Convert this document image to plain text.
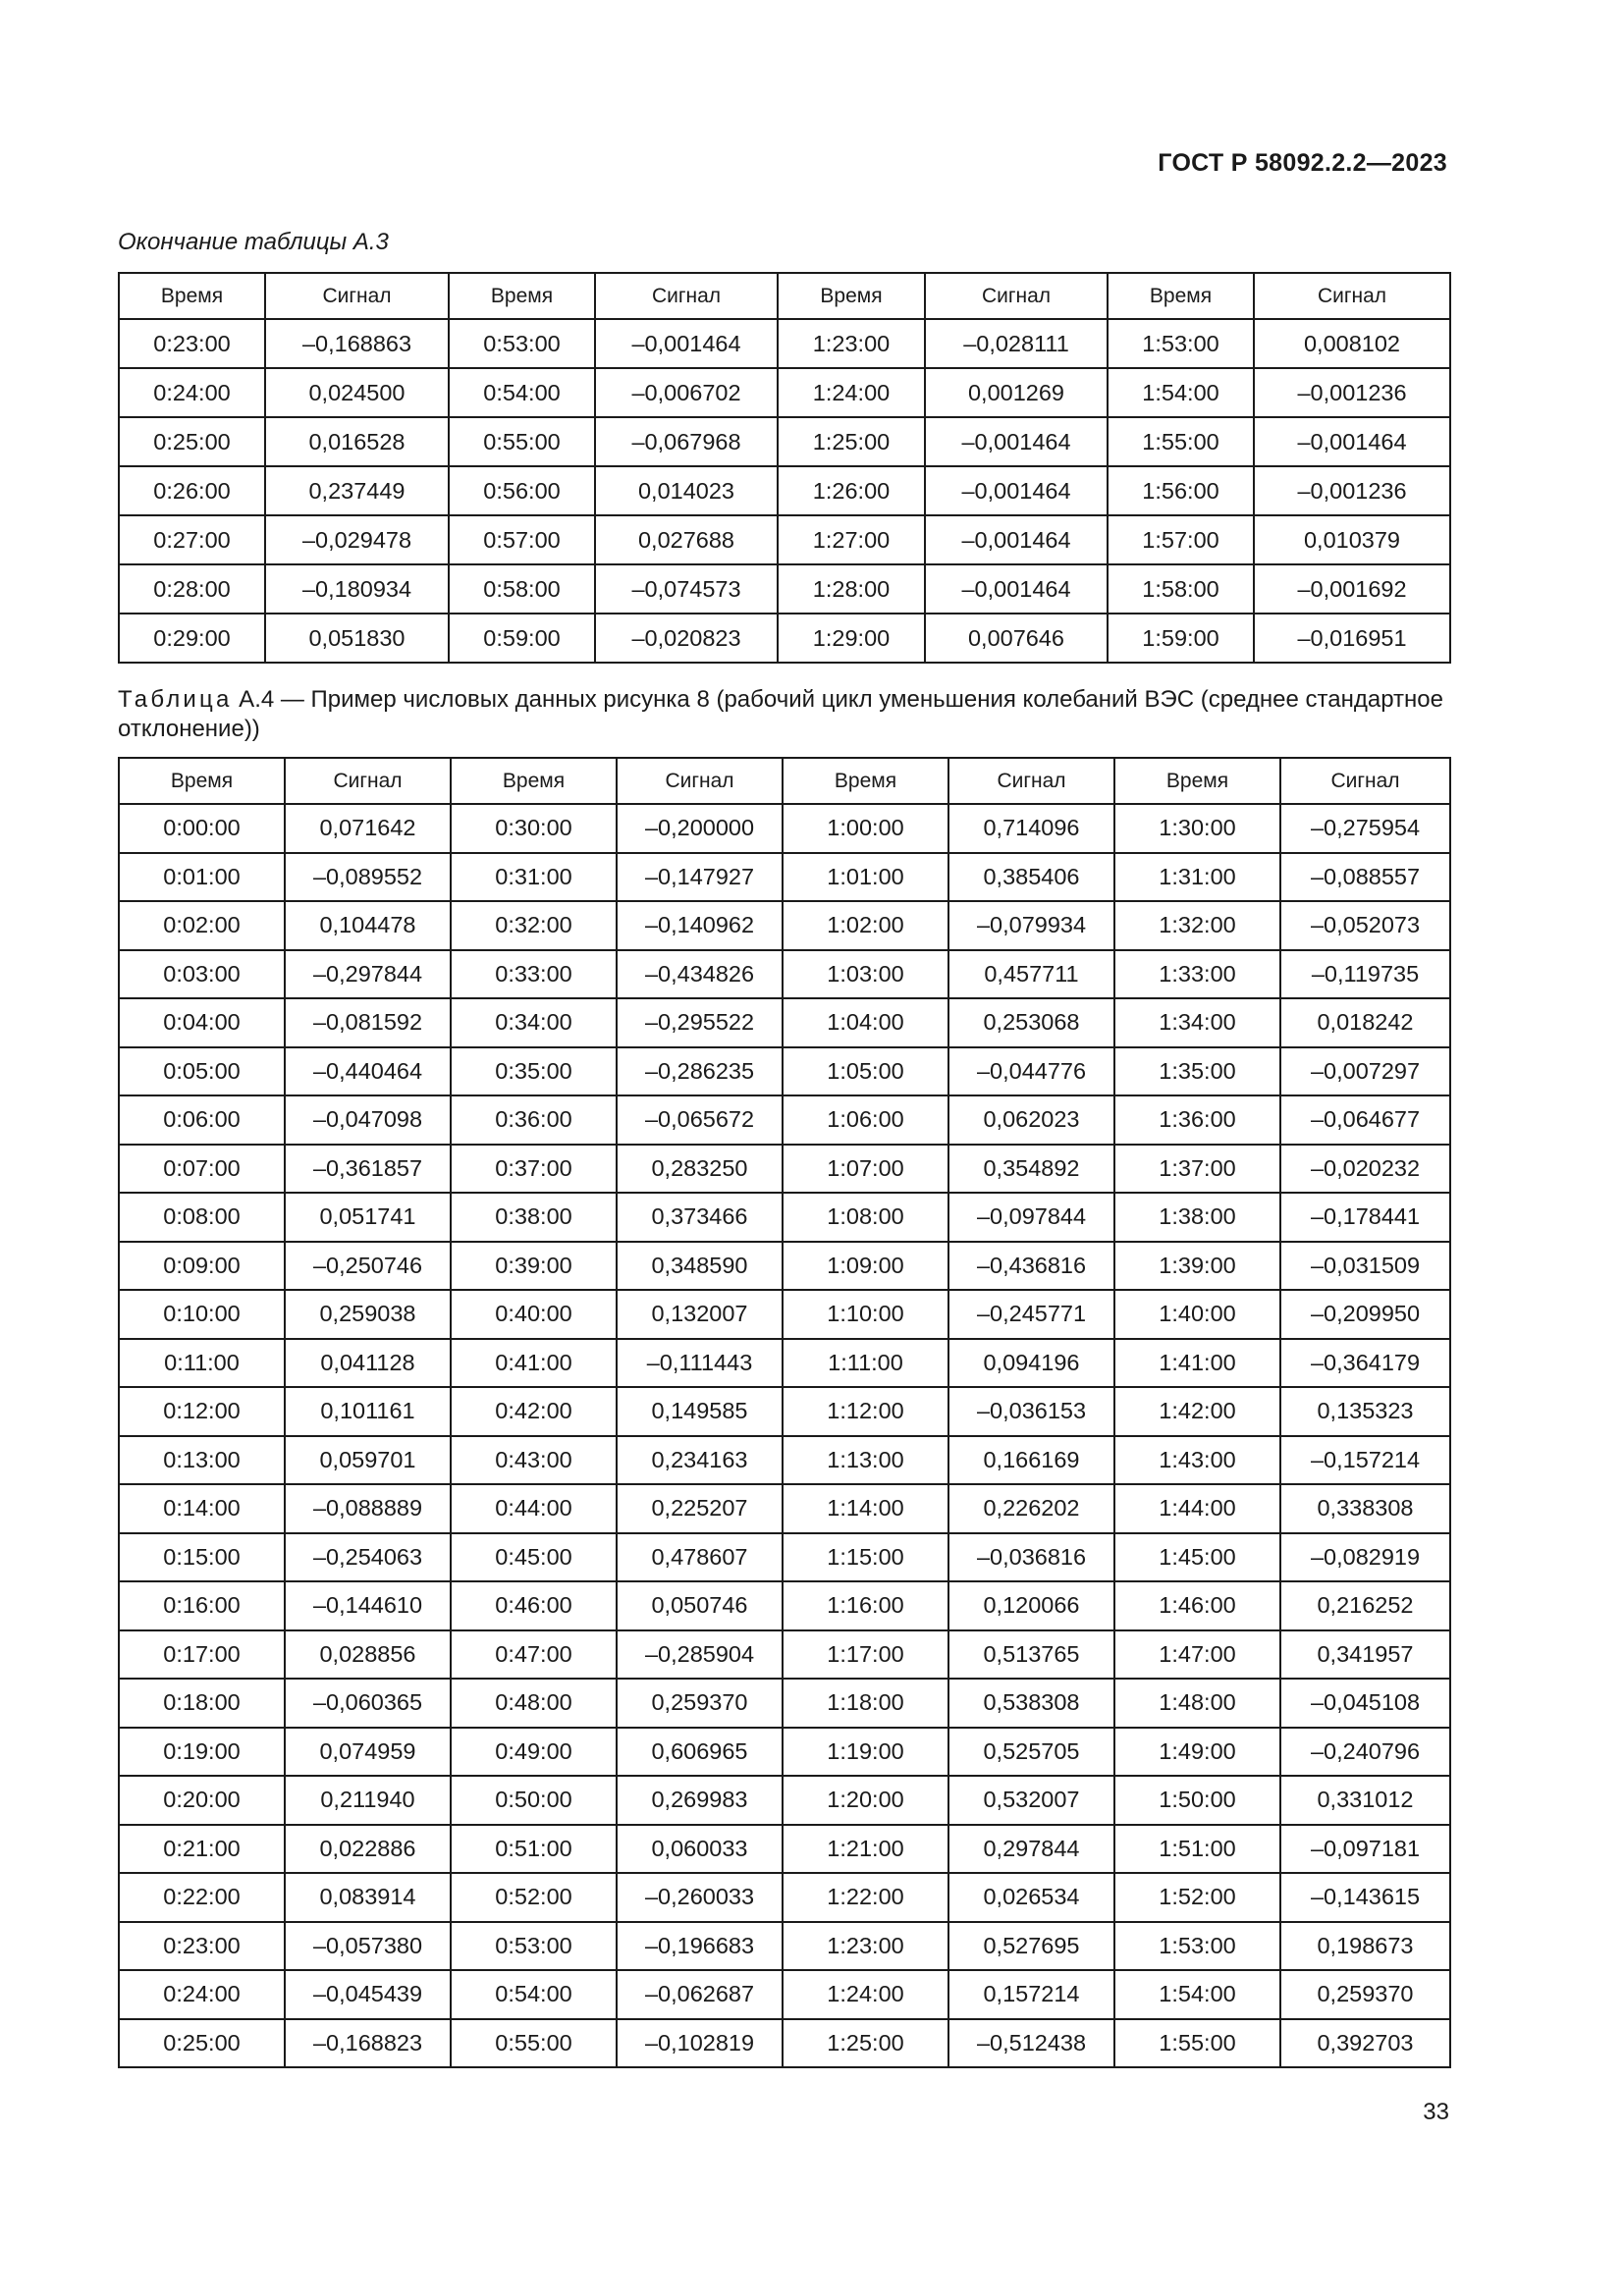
ГОСТ Р 58092.2.2—2023
Окончание таблицы А.3
Время	Сигнал	Время	Сигнал	Время	Сигнал	Время	Сигнал
0:23:00	–0,168863	0:53:00	–0,001464	1:23:00	–0,028111	1:53:00	0,008102
0:24:00	0,024500	0:54:00	–0,006702	1:24:00	0,001269	1:54:00	–0,001236
0:25:00	0,016528	0:55:00	–0,067968	1:25:00	–0,001464	1:55:00	–0,001464
0:26:00	0,237449	0:56:00	0,014023	1:26:00	–0,001464	1:56:00	–0,001236
0:27:00	–0,029478	0:57:00	0,027688	1:27:00	–0,001464	1:57:00	0,010379
0:28:00	–0,180934	0:58:00	–0,074573	1:28:00	–0,001464	1:58:00	–0,001692
0:29:00	0,051830	0:59:00	–0,020823	1:29:00	0,007646	1:59:00	–0,016951
Таблица А.4 — Пример числовых данных рисунка 8 (рабочий цикл уменьшения колебаний ВЭС (среднее стандартное отклонение))
Время	Сигнал	Время	Сигнал	Время	Сигнал	Время	Сигнал
0:00:00	0,071642	0:30:00	–0,200000	1:00:00	0,714096	1:30:00	–0,275954
0:01:00	–0,089552	0:31:00	–0,147927	1:01:00	0,385406	1:31:00	–0,088557
0:02:00	0,104478	0:32:00	–0,140962	1:02:00	–0,079934	1:32:00	–0,052073
0:03:00	–0,297844	0:33:00	–0,434826	1:03:00	0,457711	1:33:00	–0,119735
0:04:00	–0,081592	0:34:00	–0,295522	1:04:00	0,253068	1:34:00	0,018242
0:05:00	–0,440464	0:35:00	–0,286235	1:05:00	–0,044776	1:35:00	–0,007297
0:06:00	–0,047098	0:36:00	–0,065672	1:06:00	0,062023	1:36:00	–0,064677
0:07:00	–0,361857	0:37:00	0,283250	1:07:00	0,354892	1:37:00	–0,020232
0:08:00	0,051741	0:38:00	0,373466	1:08:00	–0,097844	1:38:00	–0,178441
0:09:00	–0,250746	0:39:00	0,348590	1:09:00	–0,436816	1:39:00	–0,031509
0:10:00	0,259038	0:40:00	0,132007	1:10:00	–0,245771	1:40:00	–0,209950
0:11:00	0,041128	0:41:00	–0,111443	1:11:00	0,094196	1:41:00	–0,364179
0:12:00	0,101161	0:42:00	0,149585	1:12:00	–0,036153	1:42:00	0,135323
0:13:00	0,059701	0:43:00	0,234163	1:13:00	0,166169	1:43:00	–0,157214
0:14:00	–0,088889	0:44:00	0,225207	1:14:00	0,226202	1:44:00	0,338308
0:15:00	–0,254063	0:45:00	0,478607	1:15:00	–0,036816	1:45:00	–0,082919
0:16:00	–0,144610	0:46:00	0,050746	1:16:00	0,120066	1:46:00	0,216252
0:17:00	0,028856	0:47:00	–0,285904	1:17:00	0,513765	1:47:00	0,341957
0:18:00	–0,060365	0:48:00	0,259370	1:18:00	0,538308	1:48:00	–0,045108
0:19:00	0,074959	0:49:00	0,606965	1:19:00	0,525705	1:49:00	–0,240796
0:20:00	0,211940	0:50:00	0,269983	1:20:00	0,532007	1:50:00	0,331012
0:21:00	0,022886	0:51:00	0,060033	1:21:00	0,297844	1:51:00	–0,097181
0:22:00	0,083914	0:52:00	–0,260033	1:22:00	0,026534	1:52:00	–0,143615
0:23:00	–0,057380	0:53:00	–0,196683	1:23:00	0,527695	1:53:00	0,198673
0:24:00	–0,045439	0:54:00	–0,062687	1:24:00	0,157214	1:54:00	0,259370
0:25:00	–0,168823	0:55:00	–0,102819	1:25:00	–0,512438	1:55:00	0,392703
33
